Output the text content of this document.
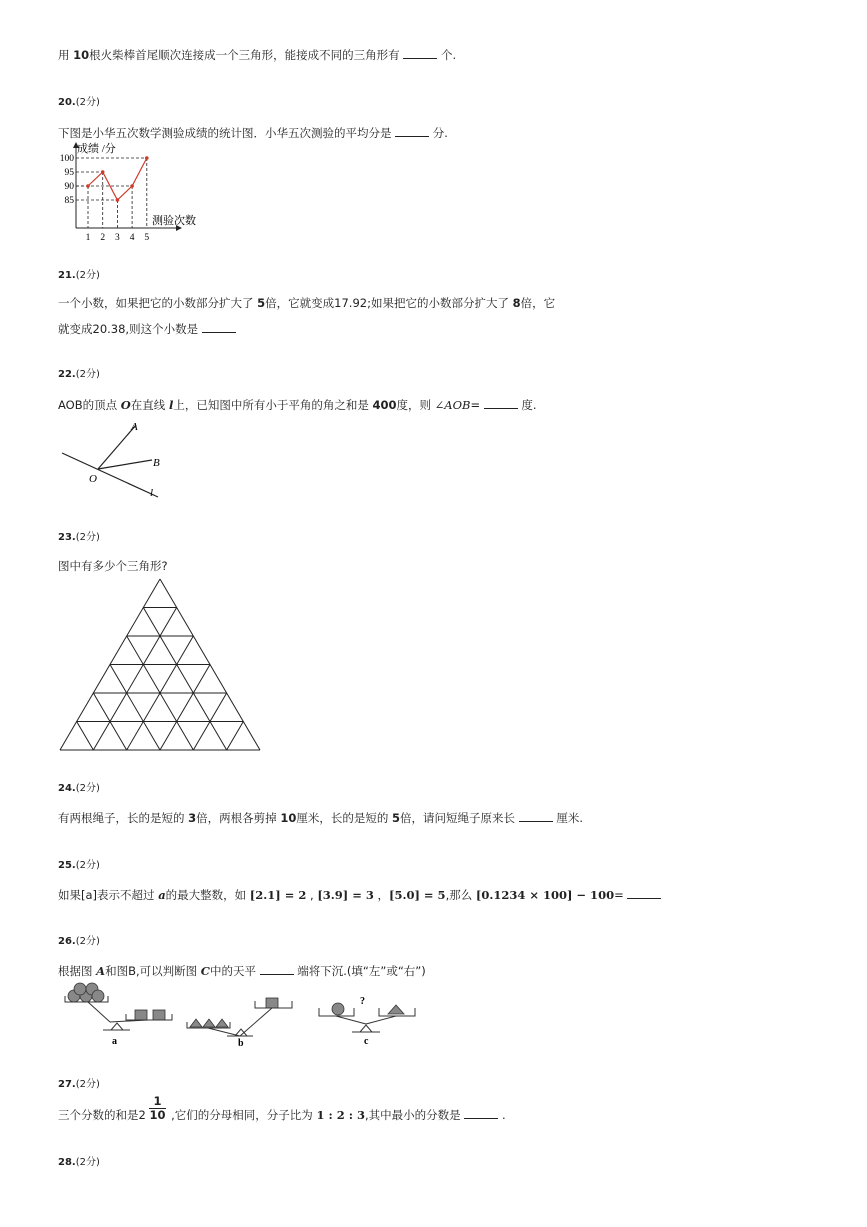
用 10根火柴棒首尾顺次连接成一个三角形，能接成不同的三角形有	个.
20.(2分)
下图是小华五次数学测验成绩的统计图．小华五次测验的平均分是	分.
成绩 /分
测验次数
100
95
90
85
1 2 3 4 5
21.(2分)
一个小数，如果把它的小数部分扩大了 5倍，它就变成17.92;如果把它的小数部分扩大了 8倍，它
就变成20.38,则这个小数是
22.(2分)
AOB的顶点 O在直线 l上，已知图中所有小于平角的角之和是 400度，则 ∠AOB=	度.
A
B
O
l
23.(2分)
图中有多少个三角形?
24.(2分)
有两根绳子，长的是短的 3倍，两根各剪掉 10厘米，长的是短的 5倍，请问短绳子原来长	厘米.
25.(2分)
如果[a]表示不超过 a的最大整数，如 [2.1] = 2 , [3.9] = 3 ，[5.0] = 5,那么 [0.1234 × 100] − 100=
26.(2分)
根据图 A和图B,可以判断图 C中的天平	端将下沉.(填“左”或“右”)
?
a	b	c
27.(2分)
三个分数的和是$2 \frac{1}{10}$ ,它们的分母相同，分子比为 1 : 2 : 3,其中最小的分数是	.
28.(2分)
